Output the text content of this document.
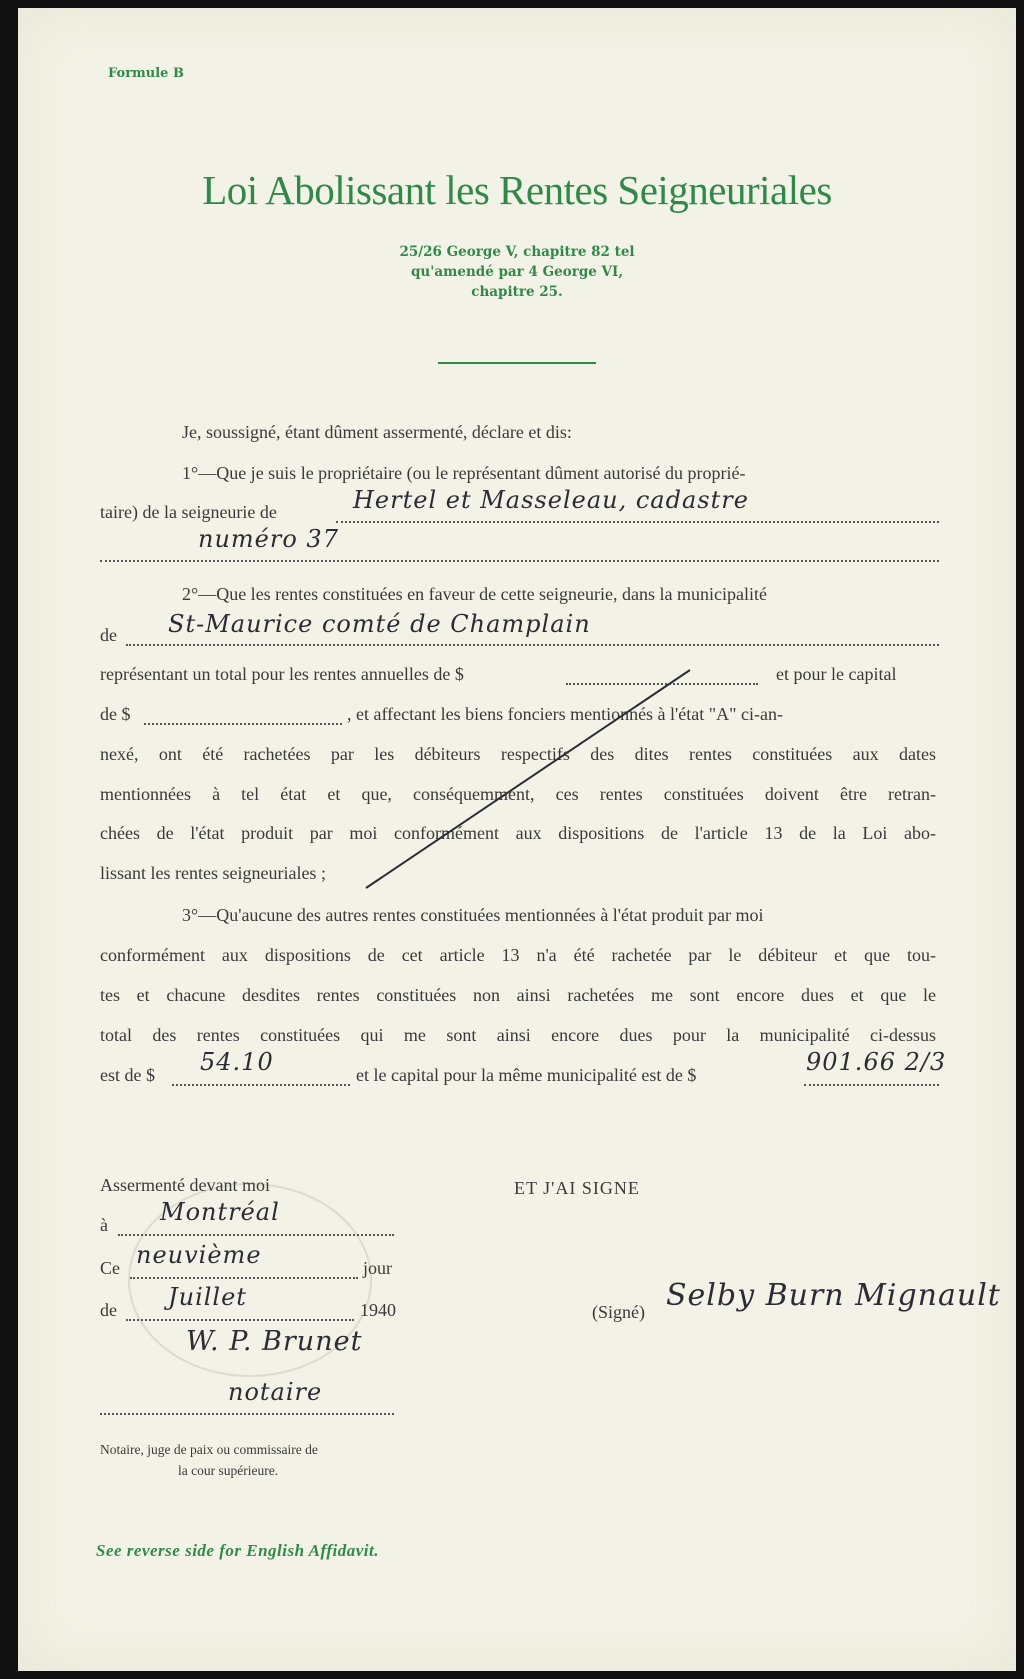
Formule B
Loi Abolissant les Rentes Seigneuriales
25/26 George V, chapitre 82 tel
qu'amendé par 4 George VI,
chapitre 25.
Je, soussigné, étant dûment assermenté, déclare et dis:
1°—Que je suis le propriétaire (ou le représentant dûment autorisé du proprié-
taire) de la seigneurie de	Hertel et Masseleau, cadastre
numéro 37
2°—Que les rentes constituées en faveur de cette seigneurie, dans la municipalité
de St-Maurice comté de Champlain
représentant un total pour les rentes annuelles de $	et pour le capital
de $	, et affectant les biens fonciers mentionnés à l'état "A" ci-an-
nexé, ont été rachetées par les débiteurs respectifs des dites rentes constituées aux dates
mentionnées à tel état et que, conséquemment, ces rentes constituées doivent être retran-
chées de l'état produit par moi conformément aux dispositions de l'article 13 de la Loi abo-
lissant les rentes seigneuriales ;
3°—Qu'aucune des autres rentes constituées mentionnées à l'état produit par moi
conformément aux dispositions de cet article 13 n'a été rachetée par le débiteur et que tou-
tes et chacune desdites rentes constituées non ainsi rachetées me sont encore dues et que le
total des rentes constituées qui me sont ainsi encore dues pour la municipalité ci-dessus
est de $ 54.10	et le capital pour la même municipalité est de $	901.66 2/3
Assermenté devant moi
à Montréal
Ce neuvième	jour
de Juillet	1940
W. P. Brunet
notaire
Notaire, juge de paix ou commissaire de
la cour supérieure.
ET J'AI SIGNE
(Signé) Selby Burn Mignault
See reverse side for English Affidavit.
